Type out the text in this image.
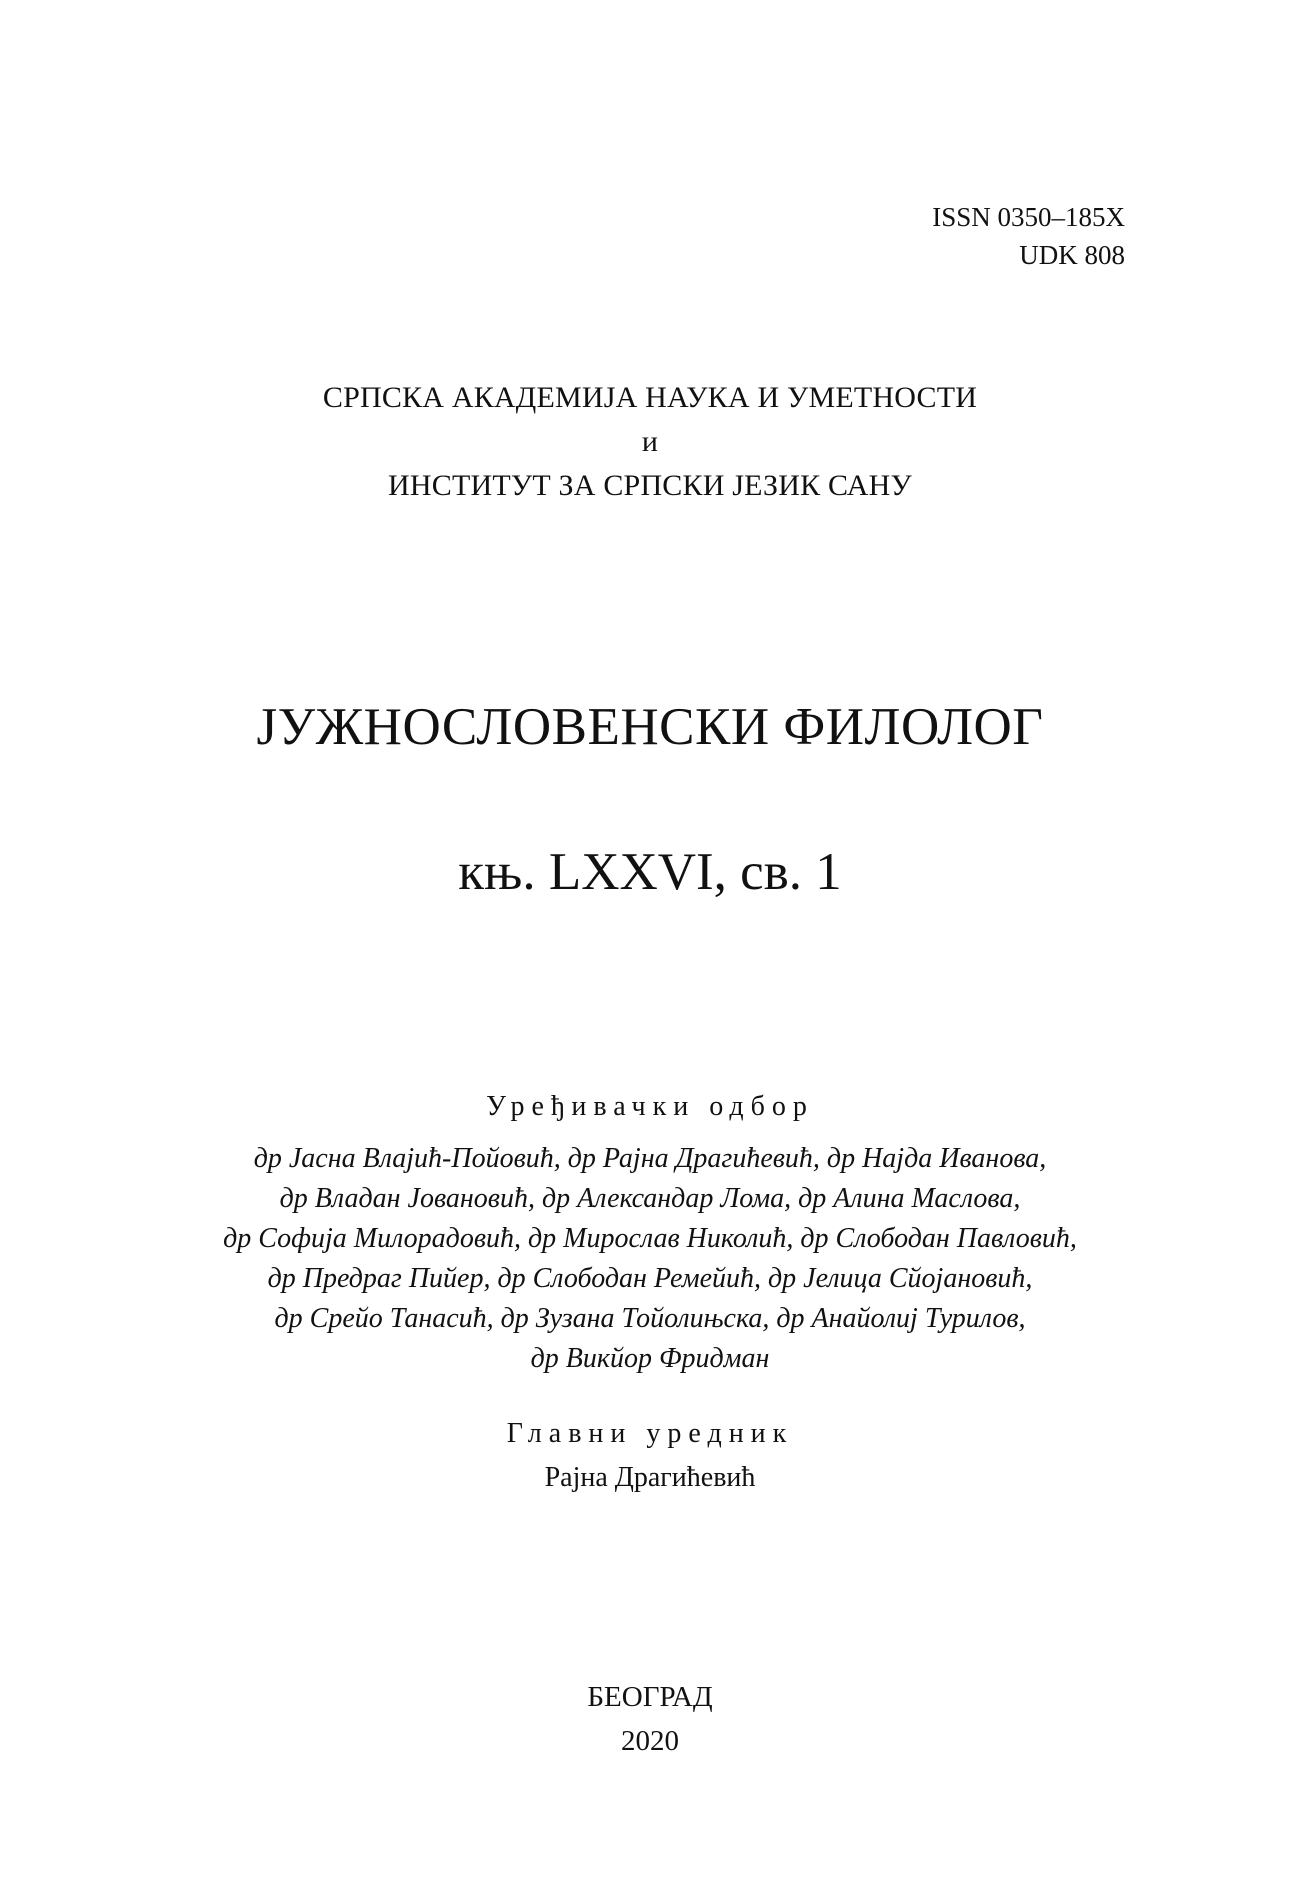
ISSN 0350–185X
UDK 808
СРПСКА АКАДЕМИЈА НАУКА И УМЕТНОСТИ
и
ИНСТИТУТ ЗА СРПСКИ ЈЕЗИК САНУ
ЈУЖНОСЛОВЕНСКИ ФИЛОЛОГ
књ. LXXVI, св. 1
Уређивачки одбор
др Јасна Влајић-Пойовић, др Рајна Драгићевић, др Најда Иванова,
др Владан Јовановић, др Александар Лома, др Алина Маслова,
др Софија Милорадовић, др Мирослав Николић, др Слободан Павловић,
др Предраг Пийер, др Слободан Ремейић, др Јелица Сйојановић,
др Срейо Танасић, др Зузана Тойолињска, др Анайолиј Турилов,
др Викйор Фридман
Главни уредник
Рајна Драгићевић
БЕОГРАД
2020
